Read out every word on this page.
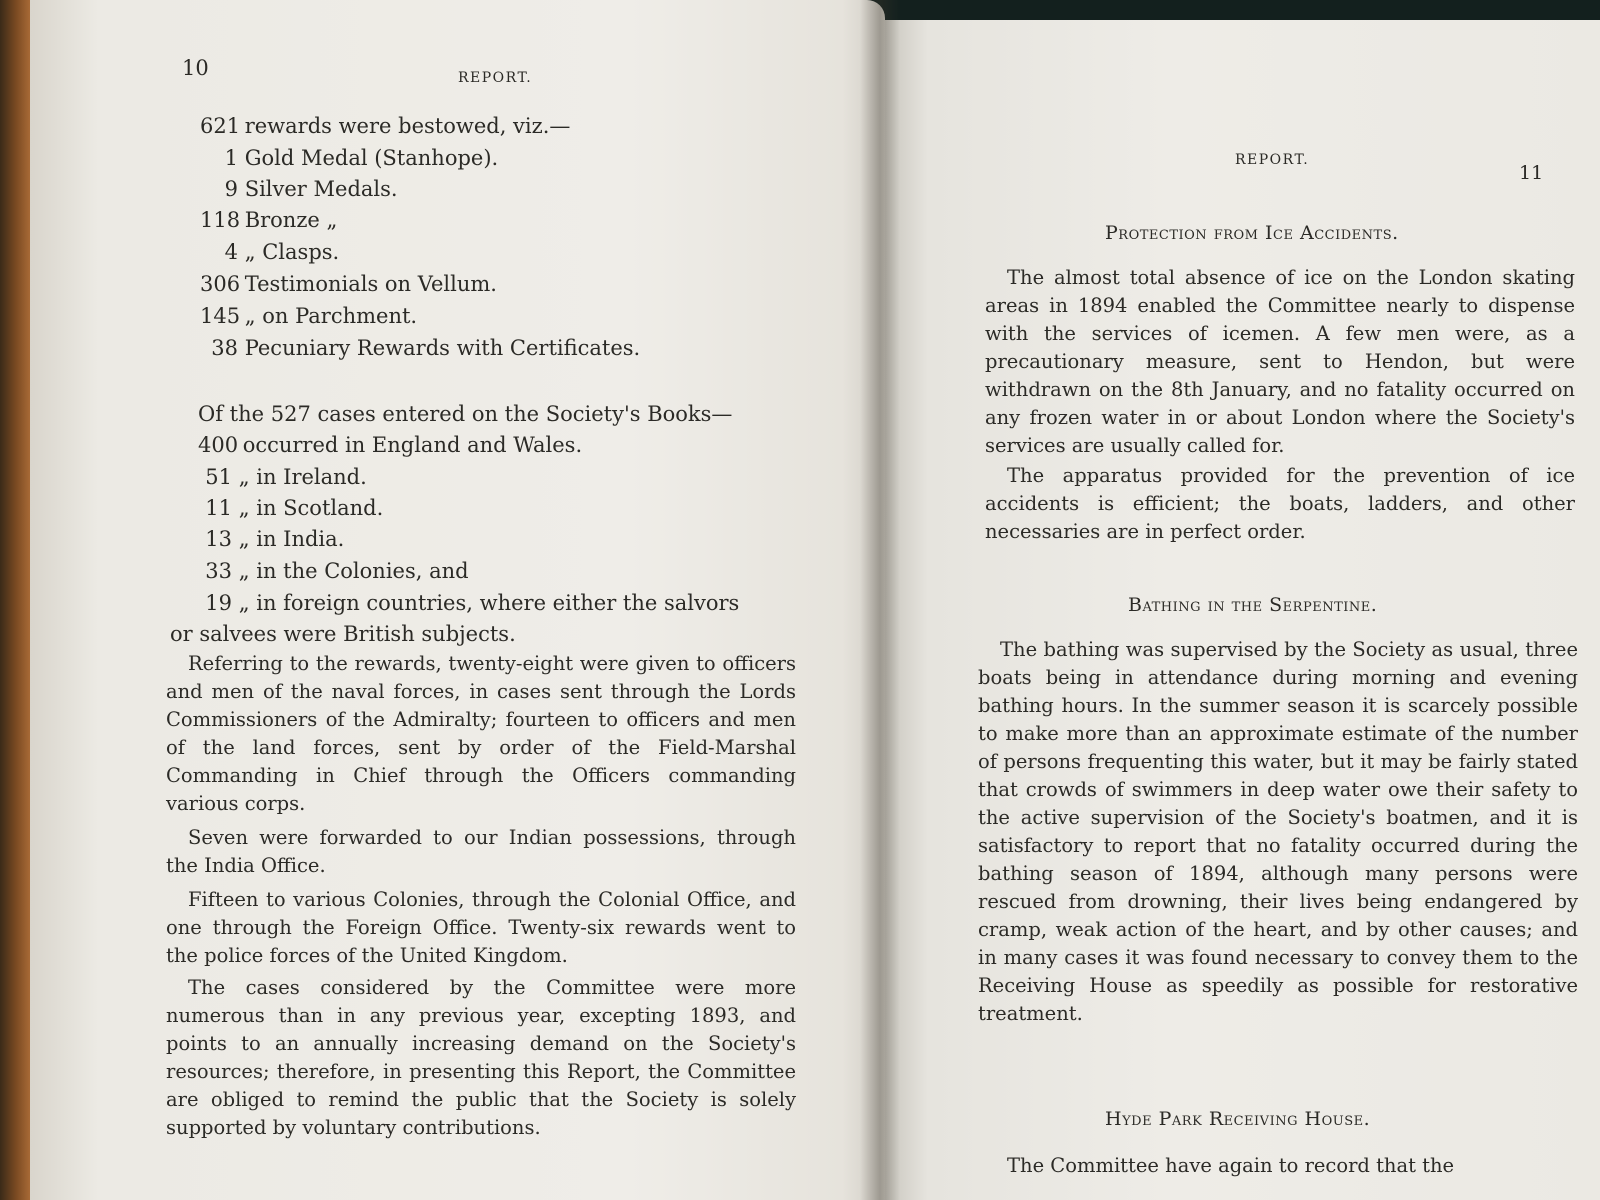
10	REPORT.
621 rewards were bestowed, viz.—
1 Gold Medal (Stanhope).
9 Silver Medals.
118 Bronze „
4 „ Clasps.
306 Testimonials on Vellum.
145 „ on Parchment.
38 Pecuniary Rewards with Certificates.
Of the 527 cases entered on the Society's Books—
400 occurred in England and Wales.
51 „ in Ireland.
11 „ in Scotland.
13 „ in India.
33 „ in the Colonies, and
19 „ in foreign countries, where either the salvors
or salvees were British subjects.

Referring to the rewards, twenty-eight were given to officers and men of the naval forces, in cases sent through the Lords Commissioners of the Admiralty; fourteen to officers and men of the land forces, sent by order of the Field-Marshal Commanding in Chief through the Officers commanding various corps.

Seven were forwarded to our Indian possessions, through the India Office.

Fifteen to various Colonies, through the Colonial Office, and one through the Foreign Office. Twenty-six rewards went to the police forces of the United Kingdom.

The cases considered by the Committee were more numerous than in any previous year, excepting 1893, and points to an annually increasing demand on the Society's resources; therefore, in presenting this Report, the Committee are obliged to remind the public that the Society is solely supported by voluntary contributions.

REPORT.
11
Protection from Ice Accidents.

The almost total absence of ice on the London skating areas in 1894 enabled the Committee nearly to dispense with the services of icemen. A few men were, as a precautionary measure, sent to Hendon, but were withdrawn on the 8th January, and no fatality occurred on any frozen water in or about London where the Society's services are usually called for.

The apparatus provided for the prevention of ice accidents is efficient; the boats, ladders, and other necessaries are in perfect order.

Bathing in the Serpentine.

The bathing was supervised by the Society as usual, three boats being in attendance during morning and evening bathing hours. In the summer season it is scarcely possible to make more than an approximate estimate of the number of persons frequenting this water, but it may be fairly stated that crowds of swimmers in deep water owe their safety to the active supervision of the Society's boatmen, and it is satisfactory to report that no fatality occurred during the bathing season of 1894, although many persons were rescued from drowning, their lives being endangered by cramp, weak action of the heart, and by other causes; and in many cases it was found necessary to convey them to the Receiving House as speedily as possible for restorative treatment.

Hyde Park Receiving House.

The Committee have again to record that the
